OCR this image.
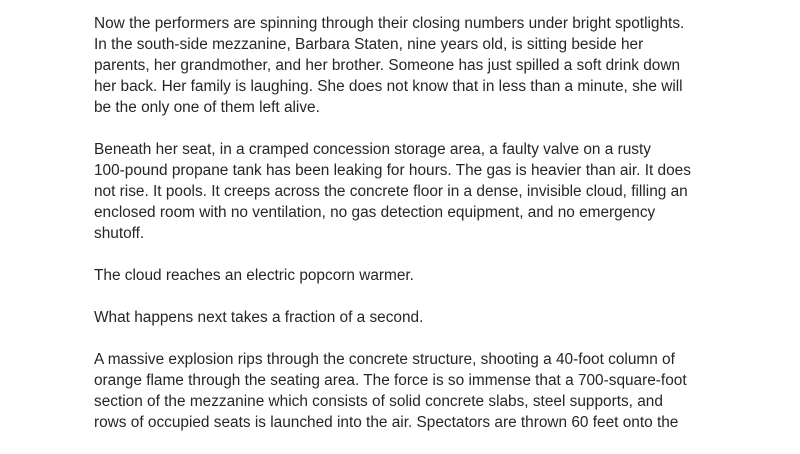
Now the performers are spinning through their closing numbers under bright spotlights.
In the south-side mezzanine, Barbara Staten, nine years old, is sitting beside her
parents, her grandmother, and her brother. Someone has just spilled a soft drink down
her back. Her family is laughing. She does not know that in less than a minute, she will
be the only one of them left alive.

Beneath her seat, in a cramped concession storage area, a faulty valve on a rusty
100-pound propane tank has been leaking for hours. The gas is heavier than air. It does
not rise. It pools. It creeps across the concrete floor in a dense, invisible cloud, filling an
enclosed room with no ventilation, no gas detection equipment, and no emergency
shutoff.

The cloud reaches an electric popcorn warmer.

What happens next takes a fraction of a second.

A massive explosion rips through the concrete structure, shooting a 40-foot column of
orange flame through the seating area. The force is so immense that a 700-square-foot
section of the mezzanine which consists of solid concrete slabs, steel supports, and
rows of occupied seats is launched into the air. Spectators are thrown 60 feet onto the
